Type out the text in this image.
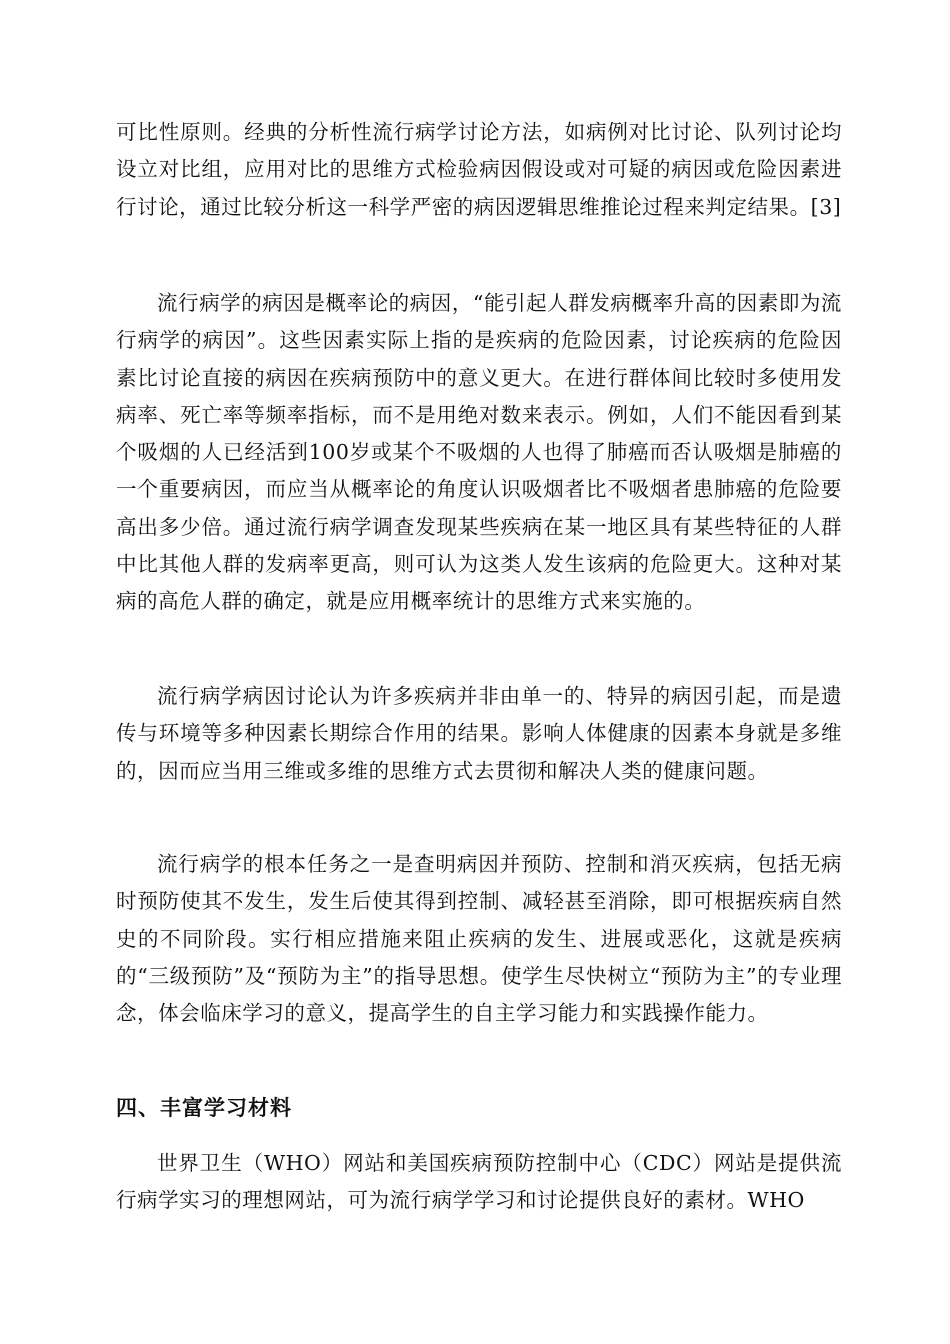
可比性原则。经典的分析性流行病学讨论方法，如病例对比讨论、队列讨论均设立对比组，应用对比的思维方式检验病因假设或对可疑的病因或危险因素进行讨论，通过比较分析这一科学严密的病因逻辑思维推论过程来判定结果。[3]

流行病学的病因是概率论的病因，“能引起人群发病概率升高的因素即为流行病学的病因”。这些因素实际上指的是疾病的危险因素，讨论疾病的危险因素比讨论直接的病因在疾病预防中的意义更大。在进行群体间比较时多使用发病率、死亡率等频率指标，而不是用绝对数来表示。例如，人们不能因看到某个吸烟的人已经活到100岁或某个不吸烟的人也得了肺癌而否认吸烟是肺癌的一个重要病因，而应当从概率论的角度认识吸烟者比不吸烟者患肺癌的危险要高出多少倍。通过流行病学调查发现某些疾病在某一地区具有某些特征的人群中比其他人群的发病率更高，则可认为这类人发生该病的危险更大。这种对某病的高危人群的确定，就是应用概率统计的思维方式来实施的。

流行病学病因讨论认为许多疾病并非由单一的、特异的病因引起，而是遗传与环境等多种因素长期综合作用的结果。影响人体健康的因素本身就是多维的，因而应当用三维或多维的思维方式去贯彻和解决人类的健康问题。

流行病学的根本任务之一是查明病因并预防、控制和消灭疾病，包括无病时预防使其不发生，发生后使其得到控制、减轻甚至消除，即可根据疾病自然史的不同阶段。实行相应措施来阻止疾病的发生、进展或恶化，这就是疾病的“三级预防”及“预防为主”的指导思想。使学生尽快树立“预防为主”的专业理念，体会临床学习的意义，提高学生的自主学习能力和实践操作能力。

四、丰富学习材料

世界卫生（WHO）网站和美国疾病预防控制中心（CDC）网站是提供流行病学实习的理想网站，可为流行病学学习和讨论提供良好的素材。WHO
